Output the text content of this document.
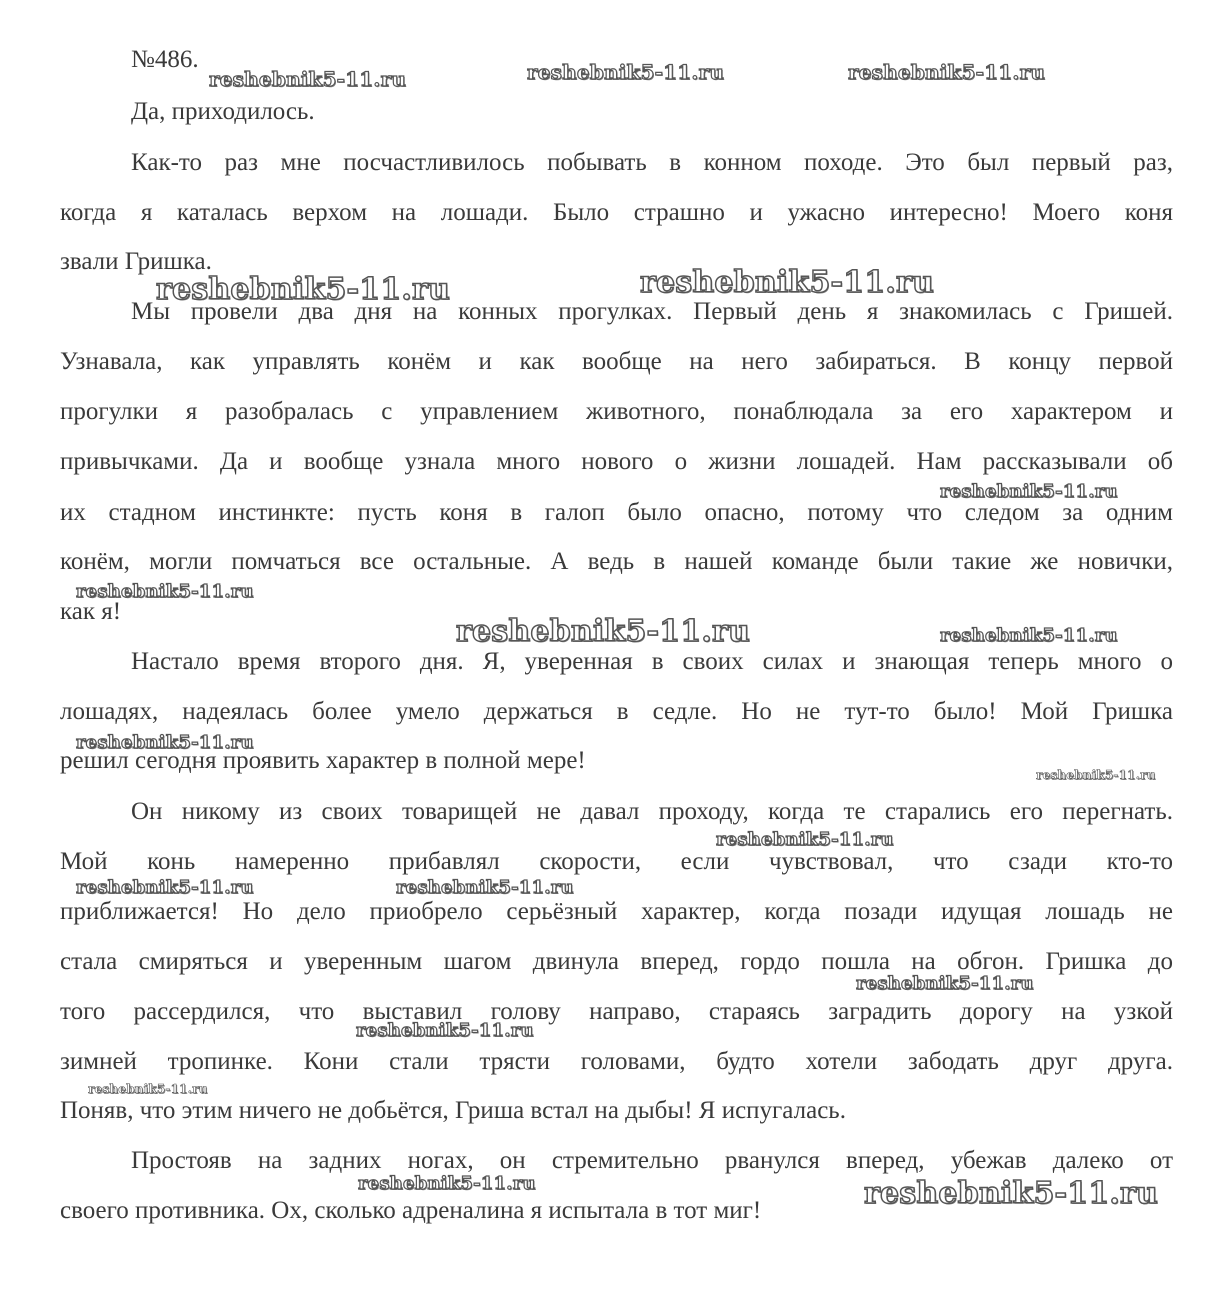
№486.
Да, приходилось.
Как-то раз мне посчастливилось побывать в конном походе. Это был первый раз,
когда я каталась верхом на лошади. Было страшно и ужасно интересно! Моего коня
звали Гришка.
Мы провели два дня на конных прогулках. Первый день я знакомилась с Гришей.
Узнавала, как управлять конём и как вообще на него забираться. В концу первой
прогулки я разобралась с управлением животного, понаблюдала за его характером и
привычками. Да и вообще узнала много нового о жизни лошадей. Нам рассказывали об
их стадном инстинкте: пусть коня в галоп было опасно, потому что следом за одним
конём, могли помчаться все остальные. А ведь в нашей команде были такие же новички,
как я!
Настало время второго дня. Я, уверенная в своих силах и знающая теперь много о
лошадях, надеялась более умело держаться в седле. Но не тут-то было! Мой Гришка
решил сегодня проявить характер в полной мере!
Он никому из своих товарищей не давал проходу, когда те старались его перегнать.
Мой конь намеренно прибавлял скорости, если чувствовал, что сзади кто-то
приближается! Но дело приобрело серьёзный характер, когда позади идущая лошадь не
стала смиряться и уверенным шагом двинула вперед, гордо пошла на обгон. Гришка до
того рассердился, что выставил голову направо, стараясь заградить дорогу на узкой
зимней тропинке. Кони стали трясти головами, будто хотели забодать друг друга.
Поняв, что этим ничего не добьётся, Гриша встал на дыбы! Я испугалась.
Простояв на задних ногах, он стремительно рванулся вперед, убежав далеко от
своего противника. Ох, сколько адреналина я испытала в тот миг!
reshebnik5-11.ru	reshebnik5-11.ru	reshebnik5-11.ru
reshebnik5-11.ru	reshebnik5-11.ru
reshebnik5-11.ru
reshebnik5-11.ru
reshebnik5-11.ru	reshebnik5-11.ru
reshebnik5-11.ru
reshebnik5-11.ru
reshebnik5-11.ru
reshebnik5-11.ru	reshebnik5-11.ru
reshebnik5-11.ru
reshebnik5-11.ru
reshebnik5-11.ru
reshebnik5-11.ru	reshebnik5-11.ru
